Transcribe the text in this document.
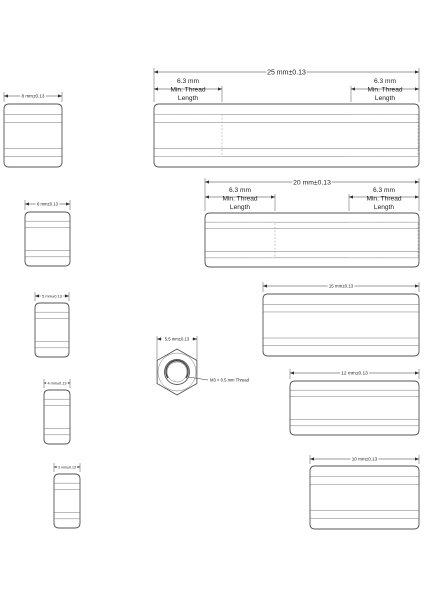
8 mm±0.13
6 mm±0.13
5 mm±0.13
4 mm±0.13
3 mm±0.13
25 mm±0.13
6.3 mm
Min. Thread
Length
6.3 mm
Min. Thread
Length
20 mm±0.13
6.3 mm
Min. Thread
Length
6.3 mm
Min. Thread
Length
15 mm±0.13
12 mm±0.13
10 mm±0.13
5.5 mm±0.13
M3 × 0.5 mm Thread
